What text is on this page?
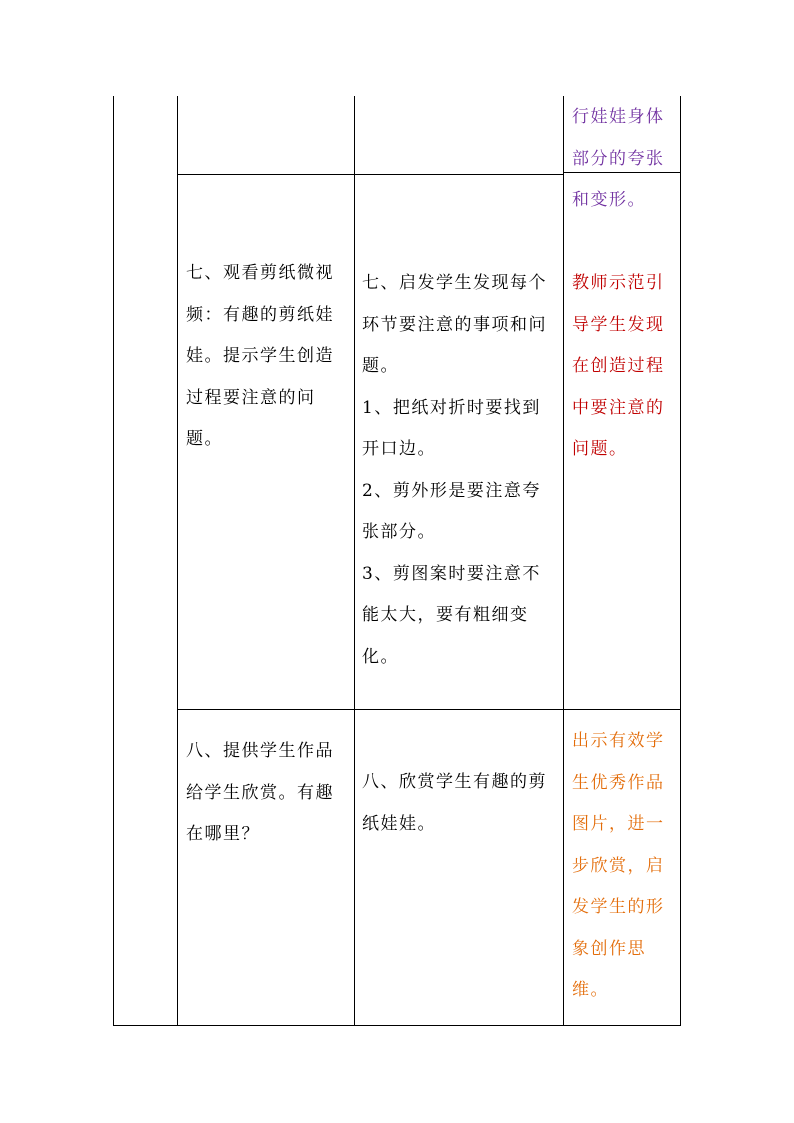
行娃娃身体部分的夸张和变形。
七、观看剪纸微视频：有趣的剪纸娃娃。提示学生创造过程要注意的问题。

七、启发学生发现每个环节要注意的事项和问题。

1、把纸对折时要找到开口边。

2、剪外形是要注意夸张部分。

3、剪图案时要注意不能太大，要有粗细变化。

教师示范引导学生发现在创造过程中要注意的问题。
八、提供学生作品给学生欣赏。有趣在哪里？

八、欣赏学生有趣的剪纸娃娃。

出示有效学生优秀作品图片，进一步欣赏，启发学生的形象创作思维。
